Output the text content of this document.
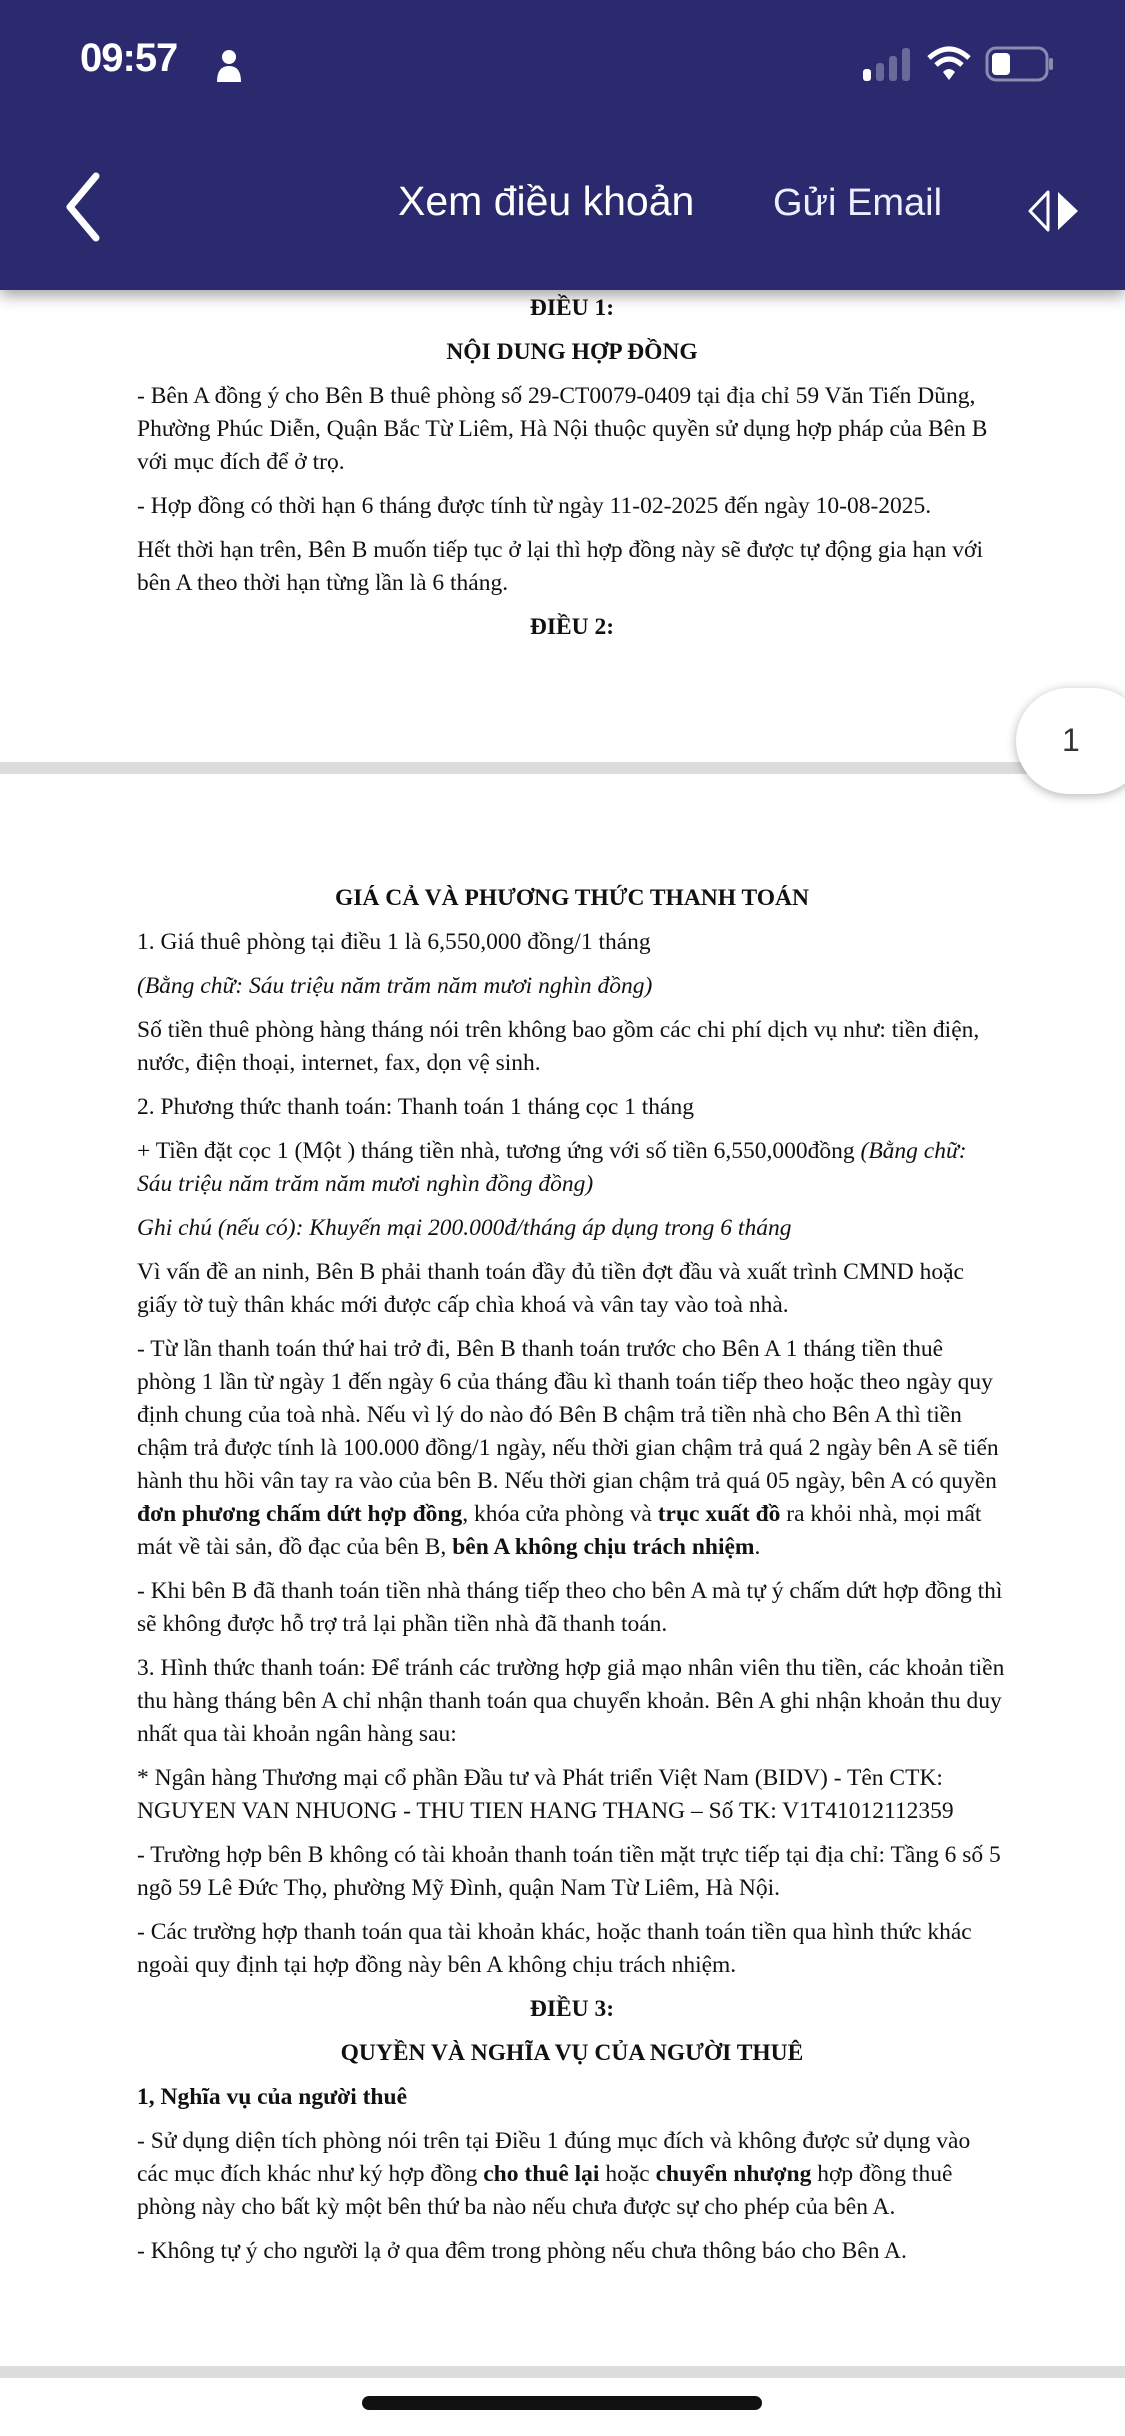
09:57
Xem điều khoản Gửi Email

ĐIỀU 1:

NỘI DUNG HỢP ĐỒNG

- Bên A đồng ý cho Bên B thuê phòng số 29-CT0079-0409 tại địa chỉ 59 Văn Tiến Dũng, Phường Phúc Diễn, Quận Bắc Từ Liêm, Hà Nội thuộc quyền sử dụng hợp pháp của Bên B với mục đích để ở trọ.

- Hợp đồng có thời hạn 6 tháng được tính từ ngày 11-02-2025 đến ngày 10-08-2025.

Hết thời hạn trên, Bên B muốn tiếp tục ở lại thì hợp đồng này sẽ được tự động gia hạn với bên A theo thời hạn từng lần là 6 tháng.

ĐIỀU 2:

1

GIÁ CẢ VÀ PHƯƠNG THỨC THANH TOÁN

1. Giá thuê phòng tại điều 1 là 6,550,000 đồng/1 tháng

(Bằng chữ: Sáu triệu năm trăm năm mươi nghìn đồng)

Số tiền thuê phòng hàng tháng nói trên không bao gồm các chi phí dịch vụ như: tiền điện, nước, điện thoại, internet, fax, dọn vệ sinh.

2. Phương thức thanh toán: Thanh toán 1 tháng cọc 1 tháng

+ Tiền đặt cọc 1 (Một ) tháng tiền nhà, tương ứng với số tiền 6,550,000đồng (Bằng chữ: Sáu triệu năm trăm năm mươi nghìn đồng đồng)

Ghi chú (nếu có): Khuyến mại 200.000đ/tháng áp dụng trong 6 tháng

Vì vấn đề an ninh, Bên B phải thanh toán đầy đủ tiền đợt đầu và xuất trình CMND hoặc giấy tờ tuỳ thân khác mới được cấp chìa khoá và vân tay vào toà nhà.

- Từ lần thanh toán thứ hai trở đi, Bên B thanh toán trước cho Bên A 1 tháng tiền thuê phòng 1 lần từ ngày 1 đến ngày 6 của tháng đầu kì thanh toán tiếp theo hoặc theo ngày quy định chung của toà nhà. Nếu vì lý do nào đó Bên B chậm trả tiền nhà cho Bên A thì tiền chậm trả được tính là 100.000 đồng/1 ngày, nếu thời gian chậm trả quá 2 ngày bên A sẽ tiến hành thu hồi vân tay ra vào của bên B. Nếu thời gian chậm trả quá 05 ngày, bên A có quyền đơn phương chấm dứt hợp đồng, khóa cửa phòng và trục xuất đồ ra khỏi nhà, mọi mất mát về tài sản, đồ đạc của bên B, bên A không chịu trách nhiệm.

- Khi bên B đã thanh toán tiền nhà tháng tiếp theo cho bên A mà tự ý chấm dứt hợp đồng thì sẽ không được hỗ trợ trả lại phần tiền nhà đã thanh toán.

3. Hình thức thanh toán: Để tránh các trường hợp giả mạo nhân viên thu tiền, các khoản tiền thu hàng tháng bên A chỉ nhận thanh toán qua chuyển khoản. Bên A ghi nhận khoản thu duy nhất qua tài khoản ngân hàng sau:

* Ngân hàng Thương mại cổ phần Đầu tư và Phát triển Việt Nam (BIDV) - Tên CTK: NGUYEN VAN NHUONG - THU TIEN HANG THANG – Số TK: V1T41012112359

- Trường hợp bên B không có tài khoản thanh toán tiền mặt trực tiếp tại địa chỉ: Tầng 6 số 5 ngõ 59 Lê Đức Thọ, phường Mỹ Đình, quận Nam Từ Liêm, Hà Nội.

- Các trường hợp thanh toán qua tài khoản khác, hoặc thanh toán tiền qua hình thức khác ngoài quy định tại hợp đồng này bên A không chịu trách nhiệm.

ĐIỀU 3:

QUYỀN VÀ NGHĨA VỤ CỦA NGƯỜI THUÊ

1, Nghĩa vụ của người thuê

- Sử dụng diện tích phòng nói trên tại Điều 1 đúng mục đích và không được sử dụng vào các mục đích khác như ký hợp đồng cho thuê lại hoặc chuyển nhượng hợp đồng thuê phòng này cho bất kỳ một bên thứ ba nào nếu chưa được sự cho phép của bên A.

- Không tự ý cho người lạ ở qua đêm trong phòng nếu chưa thông báo cho Bên A.
